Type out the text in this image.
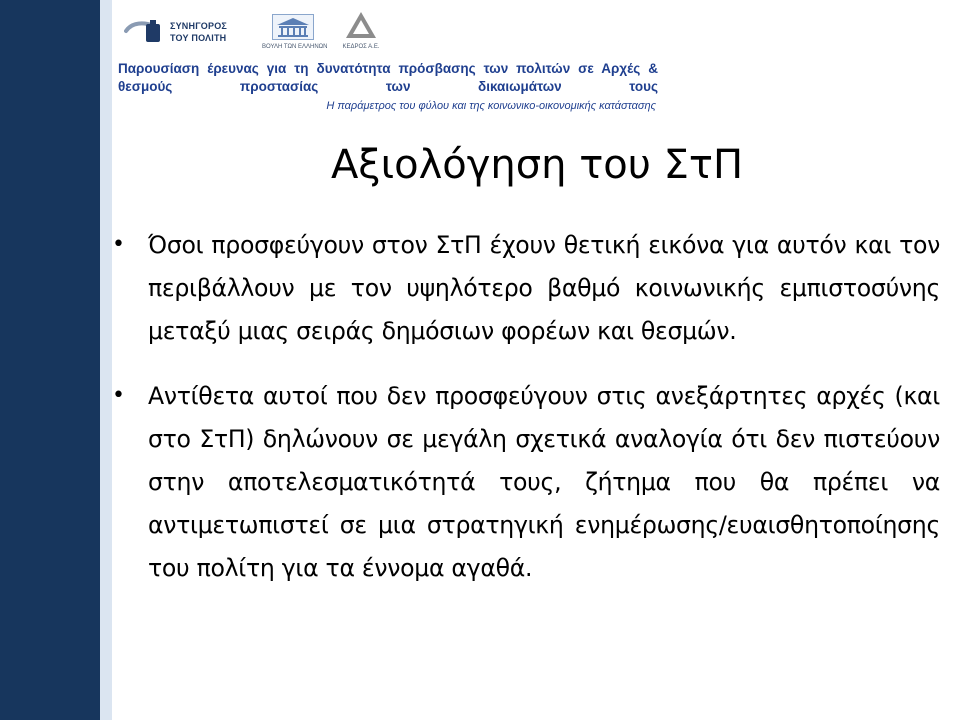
ΣΥΝΗΓΟΡΟΣ
ΤΟΥ ΠΟΛΙΤΗ
ΒΟΥΛΗ ΤΩΝ ΕΛΛΗΝΩΝ	ΚΕΔΡΟΣ Α.Ε.
Παρουσίαση έρευνας για τη δυνατότητα πρόσβασης των πολιτών σε Αρχές & θεσμούς προστασίας των δικαιωμάτων τους
Η παράμετρος του φύλου και της κοινωνικο-οικονομικής κατάστασης
Αξιολόγηση του ΣτΠ
• Όσοι προσφεύγουν στον ΣτΠ έχουν θετική εικόνα για αυτόν και τον περιβάλλουν με τον υψηλότερο βαθμό κοινωνικής εμπιστοσύνης μεταξύ μιας σειράς δημόσιων φορέων και θεσμών.
• Αντίθετα αυτοί που δεν προσφεύγουν στις ανεξάρτητες αρχές (και στο ΣτΠ) δηλώνουν σε μεγάλη σχετικά αναλογία ότι δεν πιστεύουν στην αποτελεσματικότητά τους, ζήτημα που θα πρέπει να αντιμετωπιστεί σε μια στρατηγική ενημέρωσης/ευαισθητοποίησης του πολίτη για τα έννομα αγαθά.
